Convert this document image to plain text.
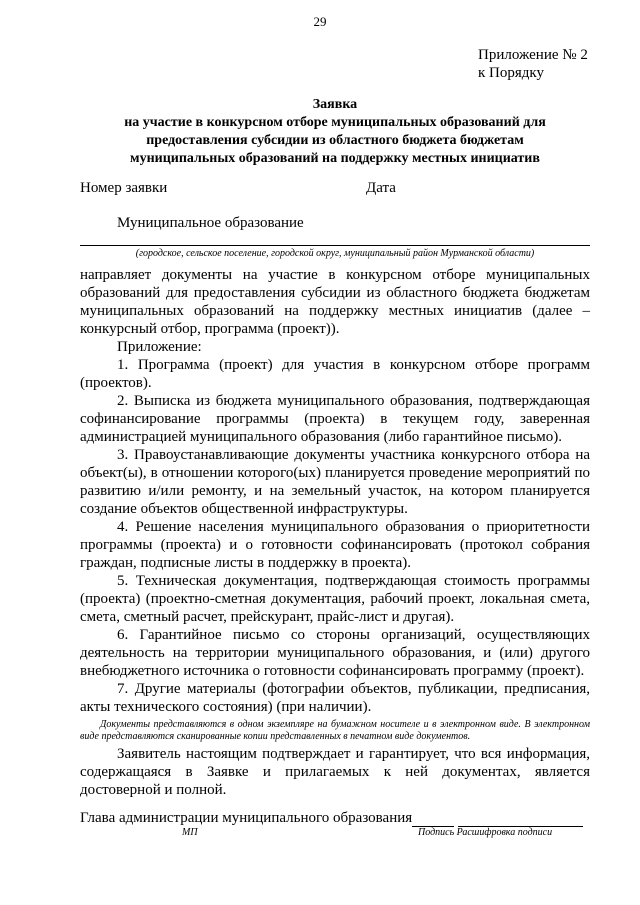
29
Приложение № 2
к Порядку
Заявка
на участие в конкурсном отборе муниципальных образований для
предоставления субсидии из областного бюджета бюджетам
муниципальных образований на поддержку местных инициатив
Номер заявки	Дата
Муниципальное образование
(городское, сельское поселение, городской округ, муниципальный район Мурманской области)

направляет документы на участие в конкурсном отборе муниципальных образований для предоставления субсидии из областного бюджета бюджетам муниципальных образований на поддержку местных инициатив (далее – конкурсный отбор, программа (проект)).

Приложение:

1. Программа (проект) для участия в конкурсном отборе программ (проектов).

2. Выписка из бюджета муниципального образования, подтверждающая софинансирование программы (проекта) в текущем году, заверенная администрацией муниципального образования (либо гарантийное письмо).

3. Правоустанавливающие документы участника конкурсного отбора на объект(ы), в отношении которого(ых) планируется проведение мероприятий по развитию и/или ремонту, и на земельный участок, на котором планируется создание объектов общественной инфраструктуры.

4. Решение населения муниципального образования о приоритетности программы (проекта) и о готовности софинансировать (протокол собрания граждан, подписные листы в поддержку в проекта).

5. Техническая документация, подтверждающая стоимость программы (проекта) (проектно-сметная документация, рабочий проект, локальная смета, смета, сметный расчет, прейскурант, прайс-лист и другая).

6. Гарантийное письмо со стороны организаций, осуществляющих деятельность на территории муниципального образования, и (или) другого внебюджетного источника о готовности софинансировать программу (проект).

7. Другие материалы (фотографии объектов, публикации, предписания, акты технического состояния) (при наличии).

Документы представляются в одном экземпляре на бумажном носителе и в электронном виде. В электронном виде представляются сканированные копии представленных в печатном виде документов.

Заявитель настоящим подтверждает и гарантирует, что вся информация, содержащаяся в Заявке и прилагаемых к ней документах, является достоверной и полной.

Глава администрации муниципального образования
МП	Подпись Расшифровка подписи
